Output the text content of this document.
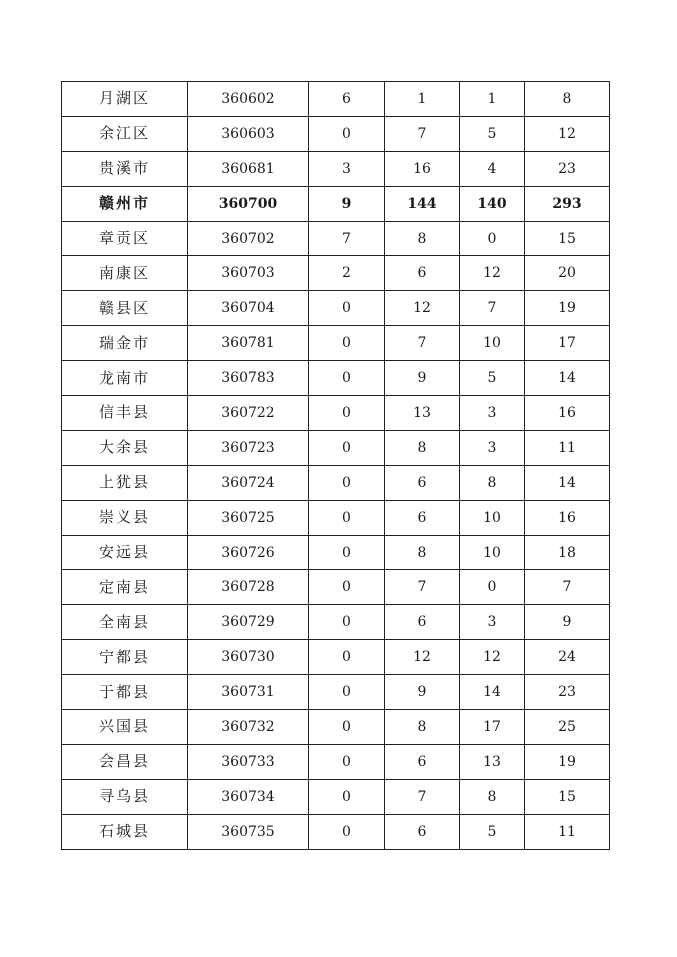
月湖区	360602	6	1	1	8
余江区	360603	0	7	5	12
贵溪市	360681	3	16	4	23
赣州市	360700	9	144	140	293
章贡区	360702	7	8	0	15
南康区	360703	2	6	12	20
赣县区	360704	0	12	7	19
瑞金市	360781	0	7	10	17
龙南市	360783	0	9	5	14
信丰县	360722	0	13	3	16
大余县	360723	0	8	3	11
上犹县	360724	0	6	8	14
崇义县	360725	0	6	10	16
安远县	360726	0	8	10	18
定南县	360728	0	7	0	7
全南县	360729	0	6	3	9
宁都县	360730	0	12	12	24
于都县	360731	0	9	14	23
兴国县	360732	0	8	17	25
会昌县	360733	0	6	13	19
寻乌县	360734	0	7	8	15
石城县	360735	0	6	5	11
